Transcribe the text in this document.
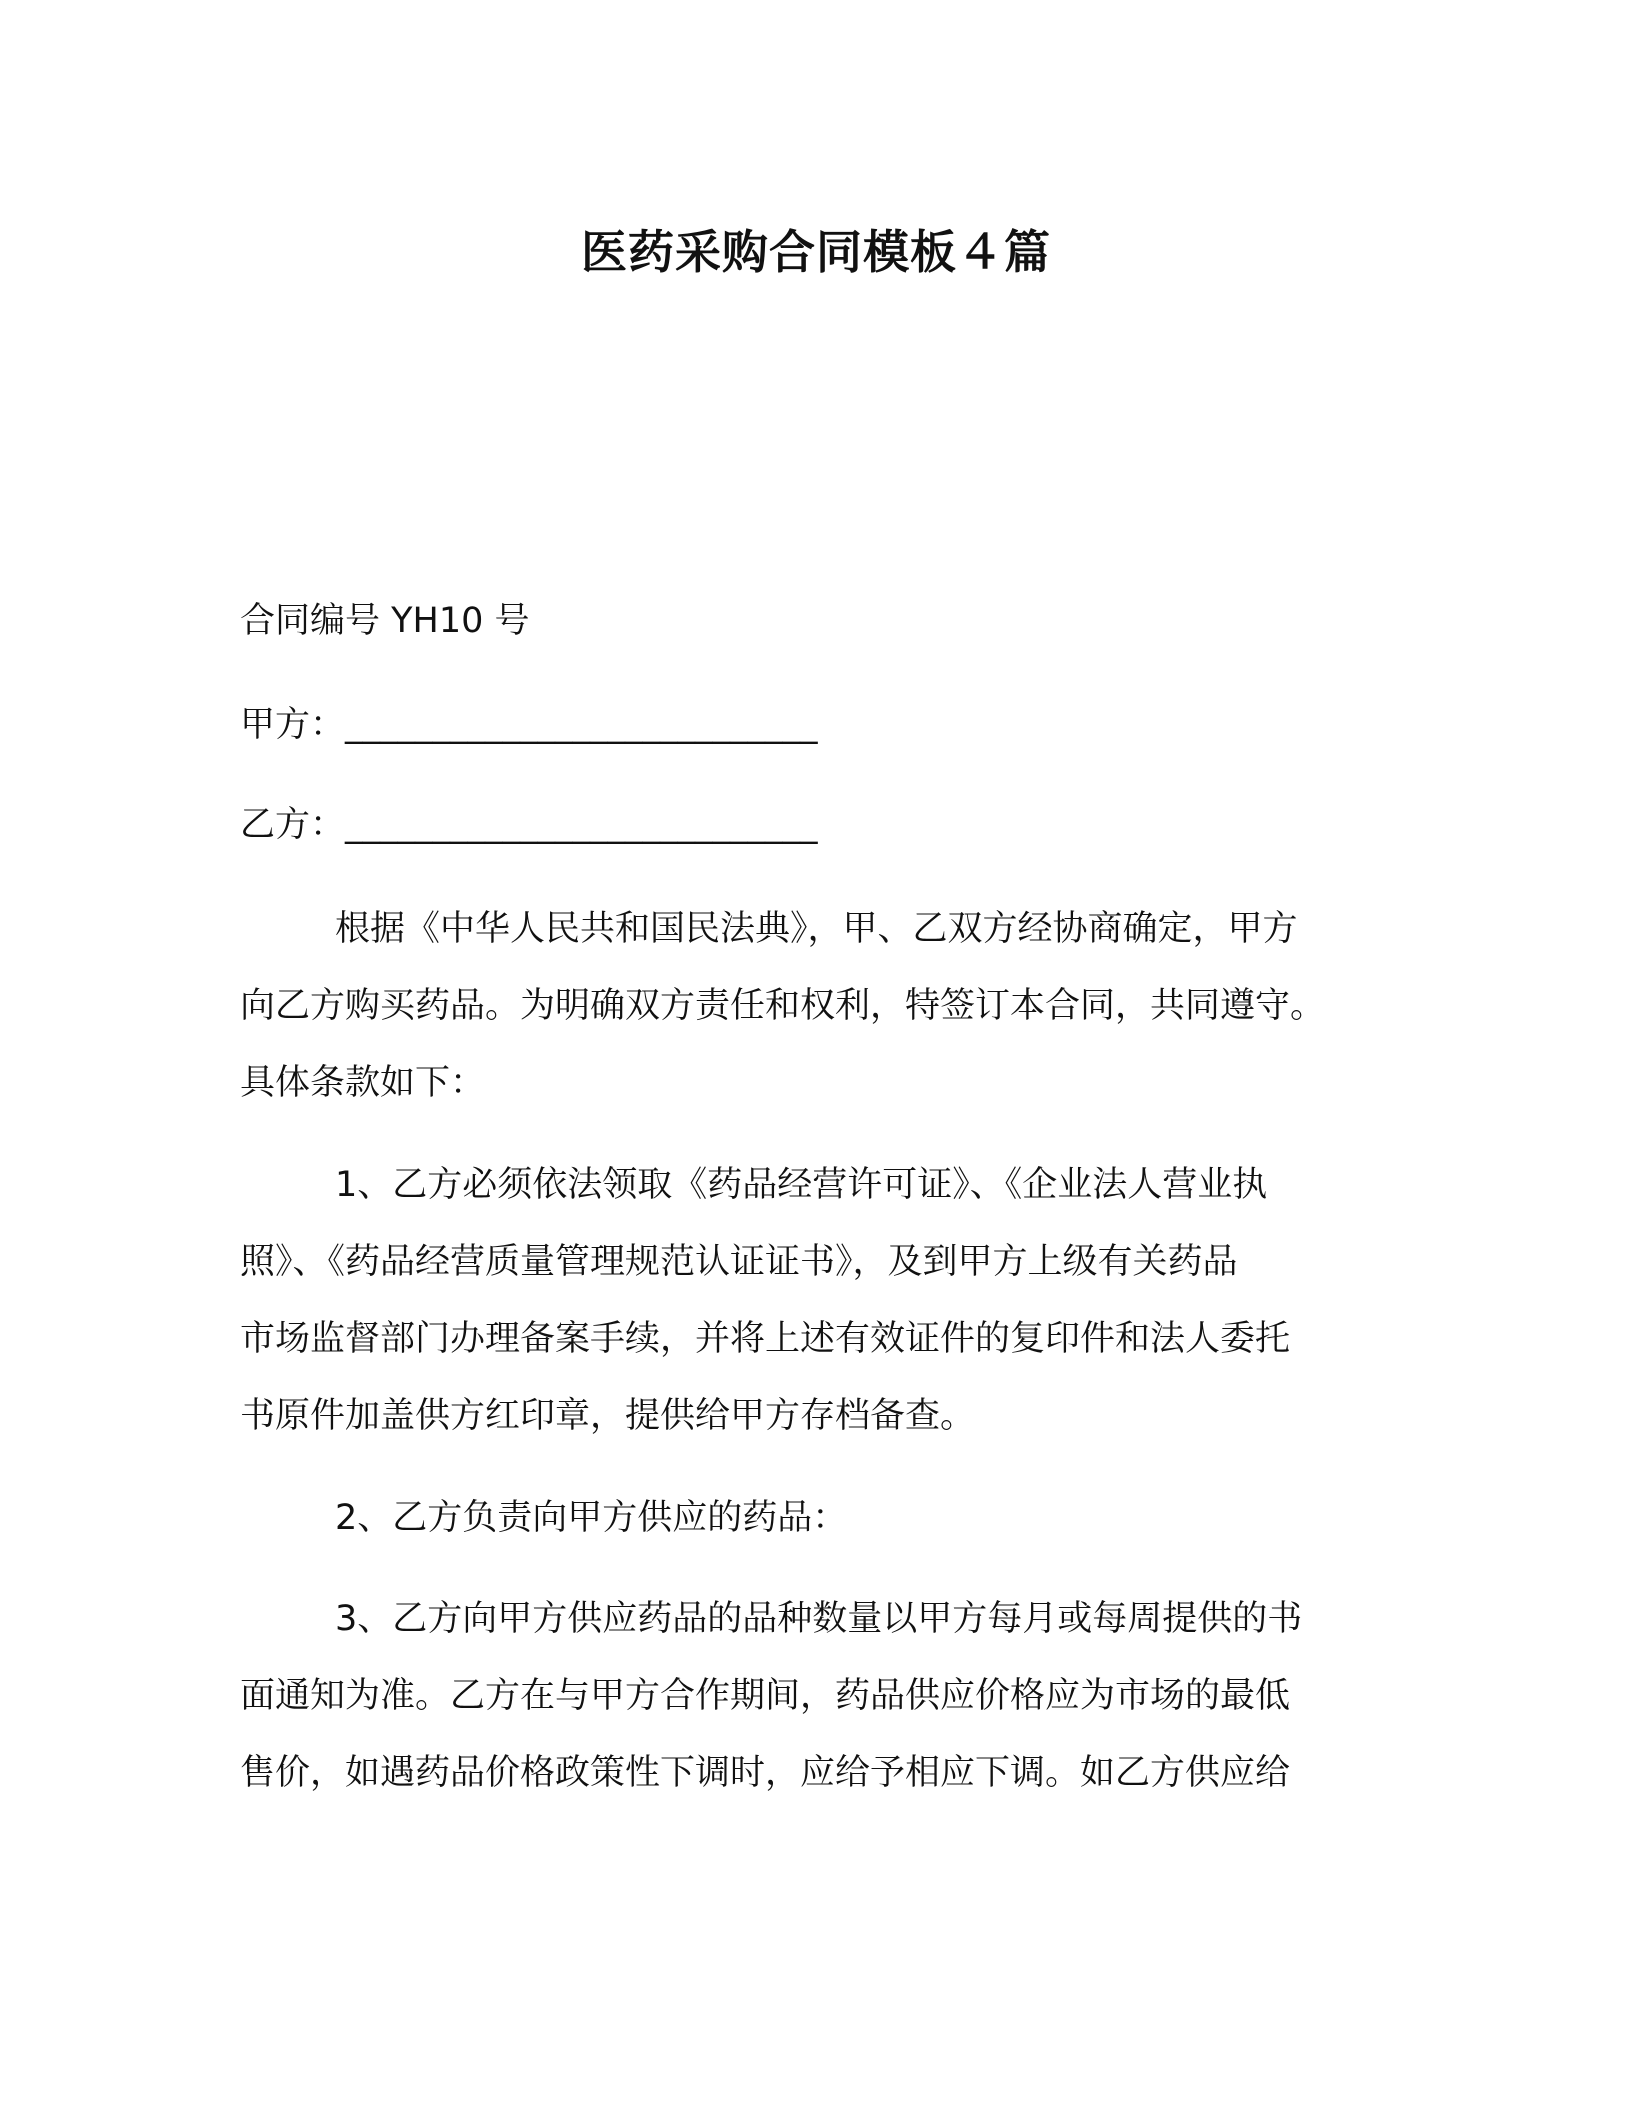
医药采购合同模板４篇
合同编号 YH10 号
甲方：___________________________
乙方：___________________________
根据《中华人民共和国民法典》，甲、乙双方经协商确定，甲方
向乙方购买药品。为明确双方责任和权利，特签订本合同，共同遵守。
具体条款如下：
1、乙方必须依法领取《药品经营许可证》、《企业法人营业执
照》、《药品经营质量管理规范认证证书》，及到甲方上级有关药品
市场监督部门办理备案手续，并将上述有效证件的复印件和法人委托
书原件加盖供方红印章，提供给甲方存档备查。
2、乙方负责向甲方供应的药品：
3、乙方向甲方供应药品的品种数量以甲方每月或每周提供的书
面通知为准。乙方在与甲方合作期间，药品供应价格应为市场的最低
售价，如遇药品价格政策性下调时，应给予相应下调。如乙方供应给
